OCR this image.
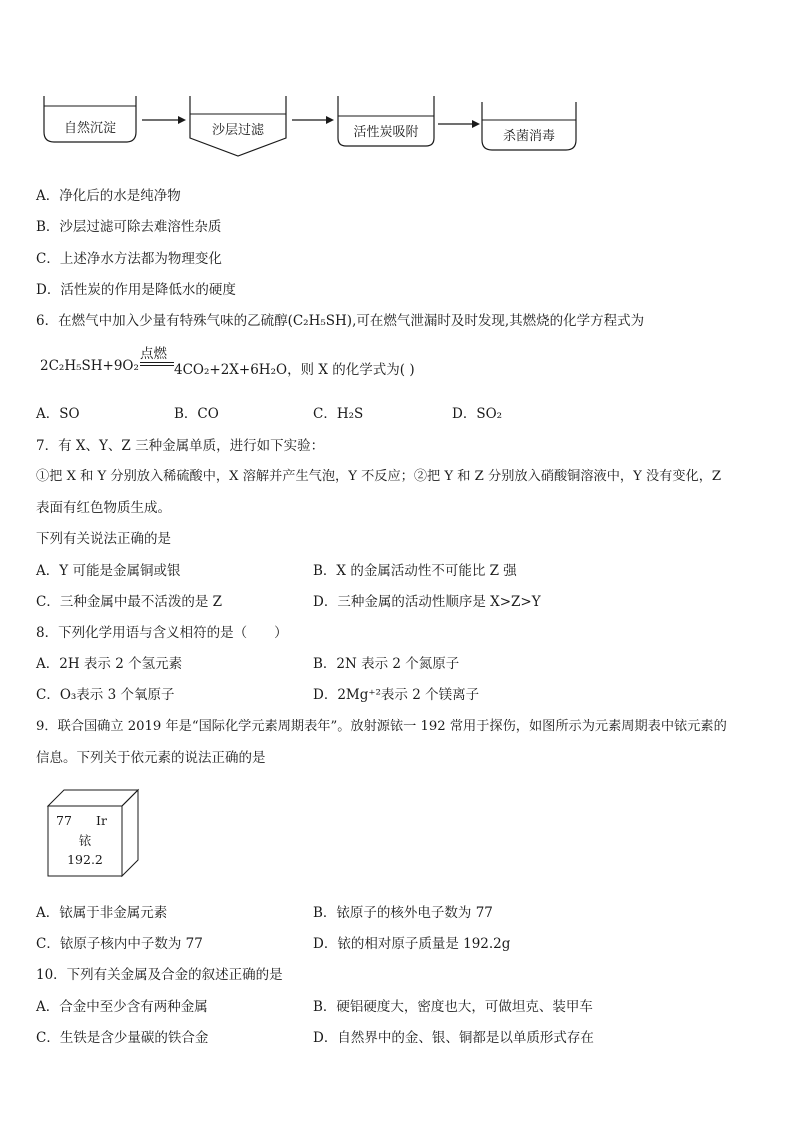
自然沉淀	沙层过滤	活性炭吸附	杀菌消毒
A．净化后的水是纯净物
B．沙层过滤可除去难溶性杂质
C．上述净水方法都为物理变化
D．活性炭的作用是降低水的硬度
6．在燃气中加入少量有特殊气味的乙硫醇(C₂H₅SH),可在燃气泄漏时及时发现,其燃烧的化学方程式为
2C₂H₅SH+9O₂
点燃
4CO₂+2X+6H₂O，则 X 的化学式为( )
A．SO	B．CO	C．H₂S	D．SO₂
7．有 X、Y、Z 三种金属单质，进行如下实验：
①把 X 和 Y 分别放入稀硫酸中，X 溶解并产生气泡，Y 不反应；②把 Y 和 Z 分别放入硝酸铜溶液中，Y 没有变化，Z
表面有红色物质生成。
下列有关说法正确的是
A．Y 可能是金属铜或银	B．X 的金属活动性不可能比 Z 强
C．三种金属中最不活泼的是 Z	D．三种金属的活动性顺序是 X>Z>Y
8．下列化学用语与含义相符的是（　　）
A．2H 表示 2 个氢元素	B．2N 表示 2 个氮原子
C．O₃表示 3 个氧原子	D．2Mg⁺²表示 2 个镁离子
9．联合国确立 2019 年是“国际化学元素周期表年”。放射源铱一 192 常用于探伤，如图所示为元素周期表中铱元素的
信息。下列关于依元素的说法正确的是
77 Ir
铱
192.2
A．铱属于非金属元素	B．铱原子的核外电子数为 77
C．铱原子核内中子数为 77	D．铱的相对原子质量是 192.2g
10．下列有关金属及合金的叙述正确的是
A．合金中至少含有两种金属	B．硬铝硬度大，密度也大，可做坦克、装甲车
C．生铁是含少量碳的铁合金	D．自然界中的金、银、铜都是以单质形式存在
